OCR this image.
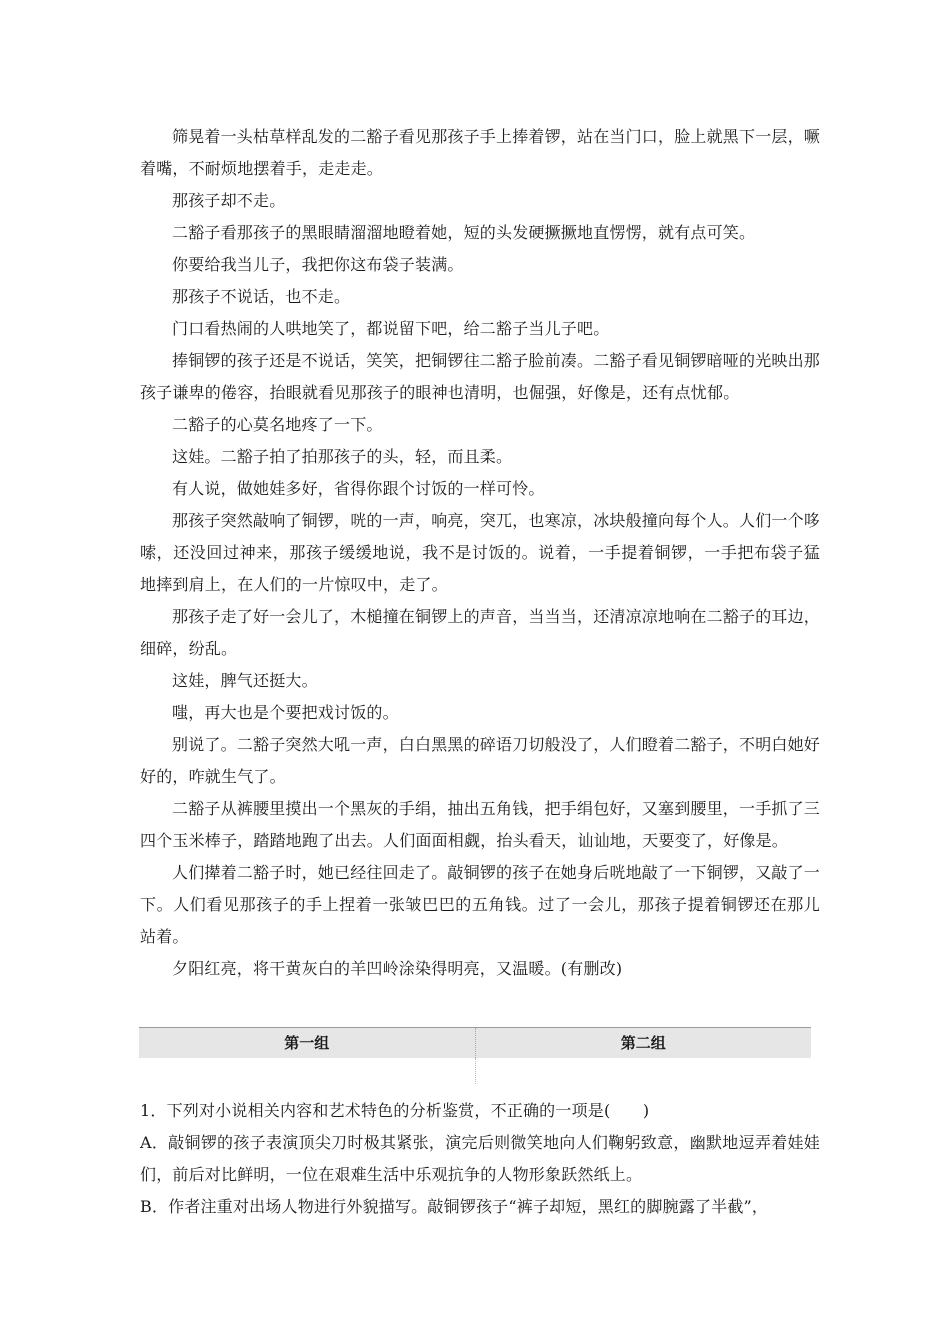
筛晃着一头枯草样乱发的二豁子看见那孩子手上捧着锣，站在当门口，脸上就黑下一层，噘着嘴，不耐烦地摆着手，走走走。

那孩子却不走。

二豁子看那孩子的黑眼睛溜溜地瞪着她，短的头发硬撅撅地直愣愣，就有点可笑。

你要给我当儿子，我把你这布袋子装满。

那孩子不说话，也不走。

门口看热闹的人哄地笑了，都说留下吧，给二豁子当儿子吧。

捧铜锣的孩子还是不说话，笑笑，把铜锣往二豁子脸前凑。二豁子看见铜锣暗哑的光映出那孩子谦卑的倦容，抬眼就看见那孩子的眼神也清明，也倔强，好像是，还有点忧郁。

二豁子的心莫名地疼了一下。

这娃。二豁子拍了拍那孩子的头，轻，而且柔。

有人说，做她娃多好，省得你跟个讨饭的一样可怜。

那孩子突然敲响了铜锣，咣的一声，响亮，突兀，也寒凉，冰块般撞向每个人。人们一个哆嗦，还没回过神来，那孩子缓缓地说，我不是讨饭的。说着，一手提着铜锣，一手把布袋子猛地摔到肩上，在人们的一片惊叹中，走了。

那孩子走了好一会儿了，木槌撞在铜锣上的声音，当当当，还清凉凉地响在二豁子的耳边，细碎，纷乱。

这娃，脾气还挺大。

嗤，再大也是个要把戏讨饭的。

别说了。二豁子突然大吼一声，白白黑黑的碎语刀切般没了，人们瞪着二豁子，不明白她好好的，咋就生气了。

二豁子从裤腰里摸出一个黑灰的手绢，抽出五角钱，把手绢包好，又塞到腰里，一手抓了三四个玉米棒子，踏踏地跑了出去。人们面面相觑，抬头看天，讪讪地，天要变了，好像是。

人们撵着二豁子时，她已经往回走了。敲铜锣的孩子在她身后咣地敲了一下铜锣，又敲了一下。人们看见那孩子的手上捏着一张皱巴巴的五角钱。过了一会儿，那孩子提着铜锣还在那儿站着。

夕阳红亮，将干黄灰白的羊凹岭涂染得明亮，又温暖。(有删改)

第一组	第二组

1．下列对小说相关内容和艺术特色的分析鉴赏，不正确的一项是(　　)

A．敲铜锣的孩子表演顶尖刀时极其紧张，演完后则微笑地向人们鞠躬致意，幽默地逗弄着娃娃们，前后对比鲜明，一位在艰难生活中乐观抗争的人物形象跃然纸上。

B．作者注重对出场人物进行外貌描写。敲铜锣孩子“裤子却短，黑红的脚腕露了半截”，
